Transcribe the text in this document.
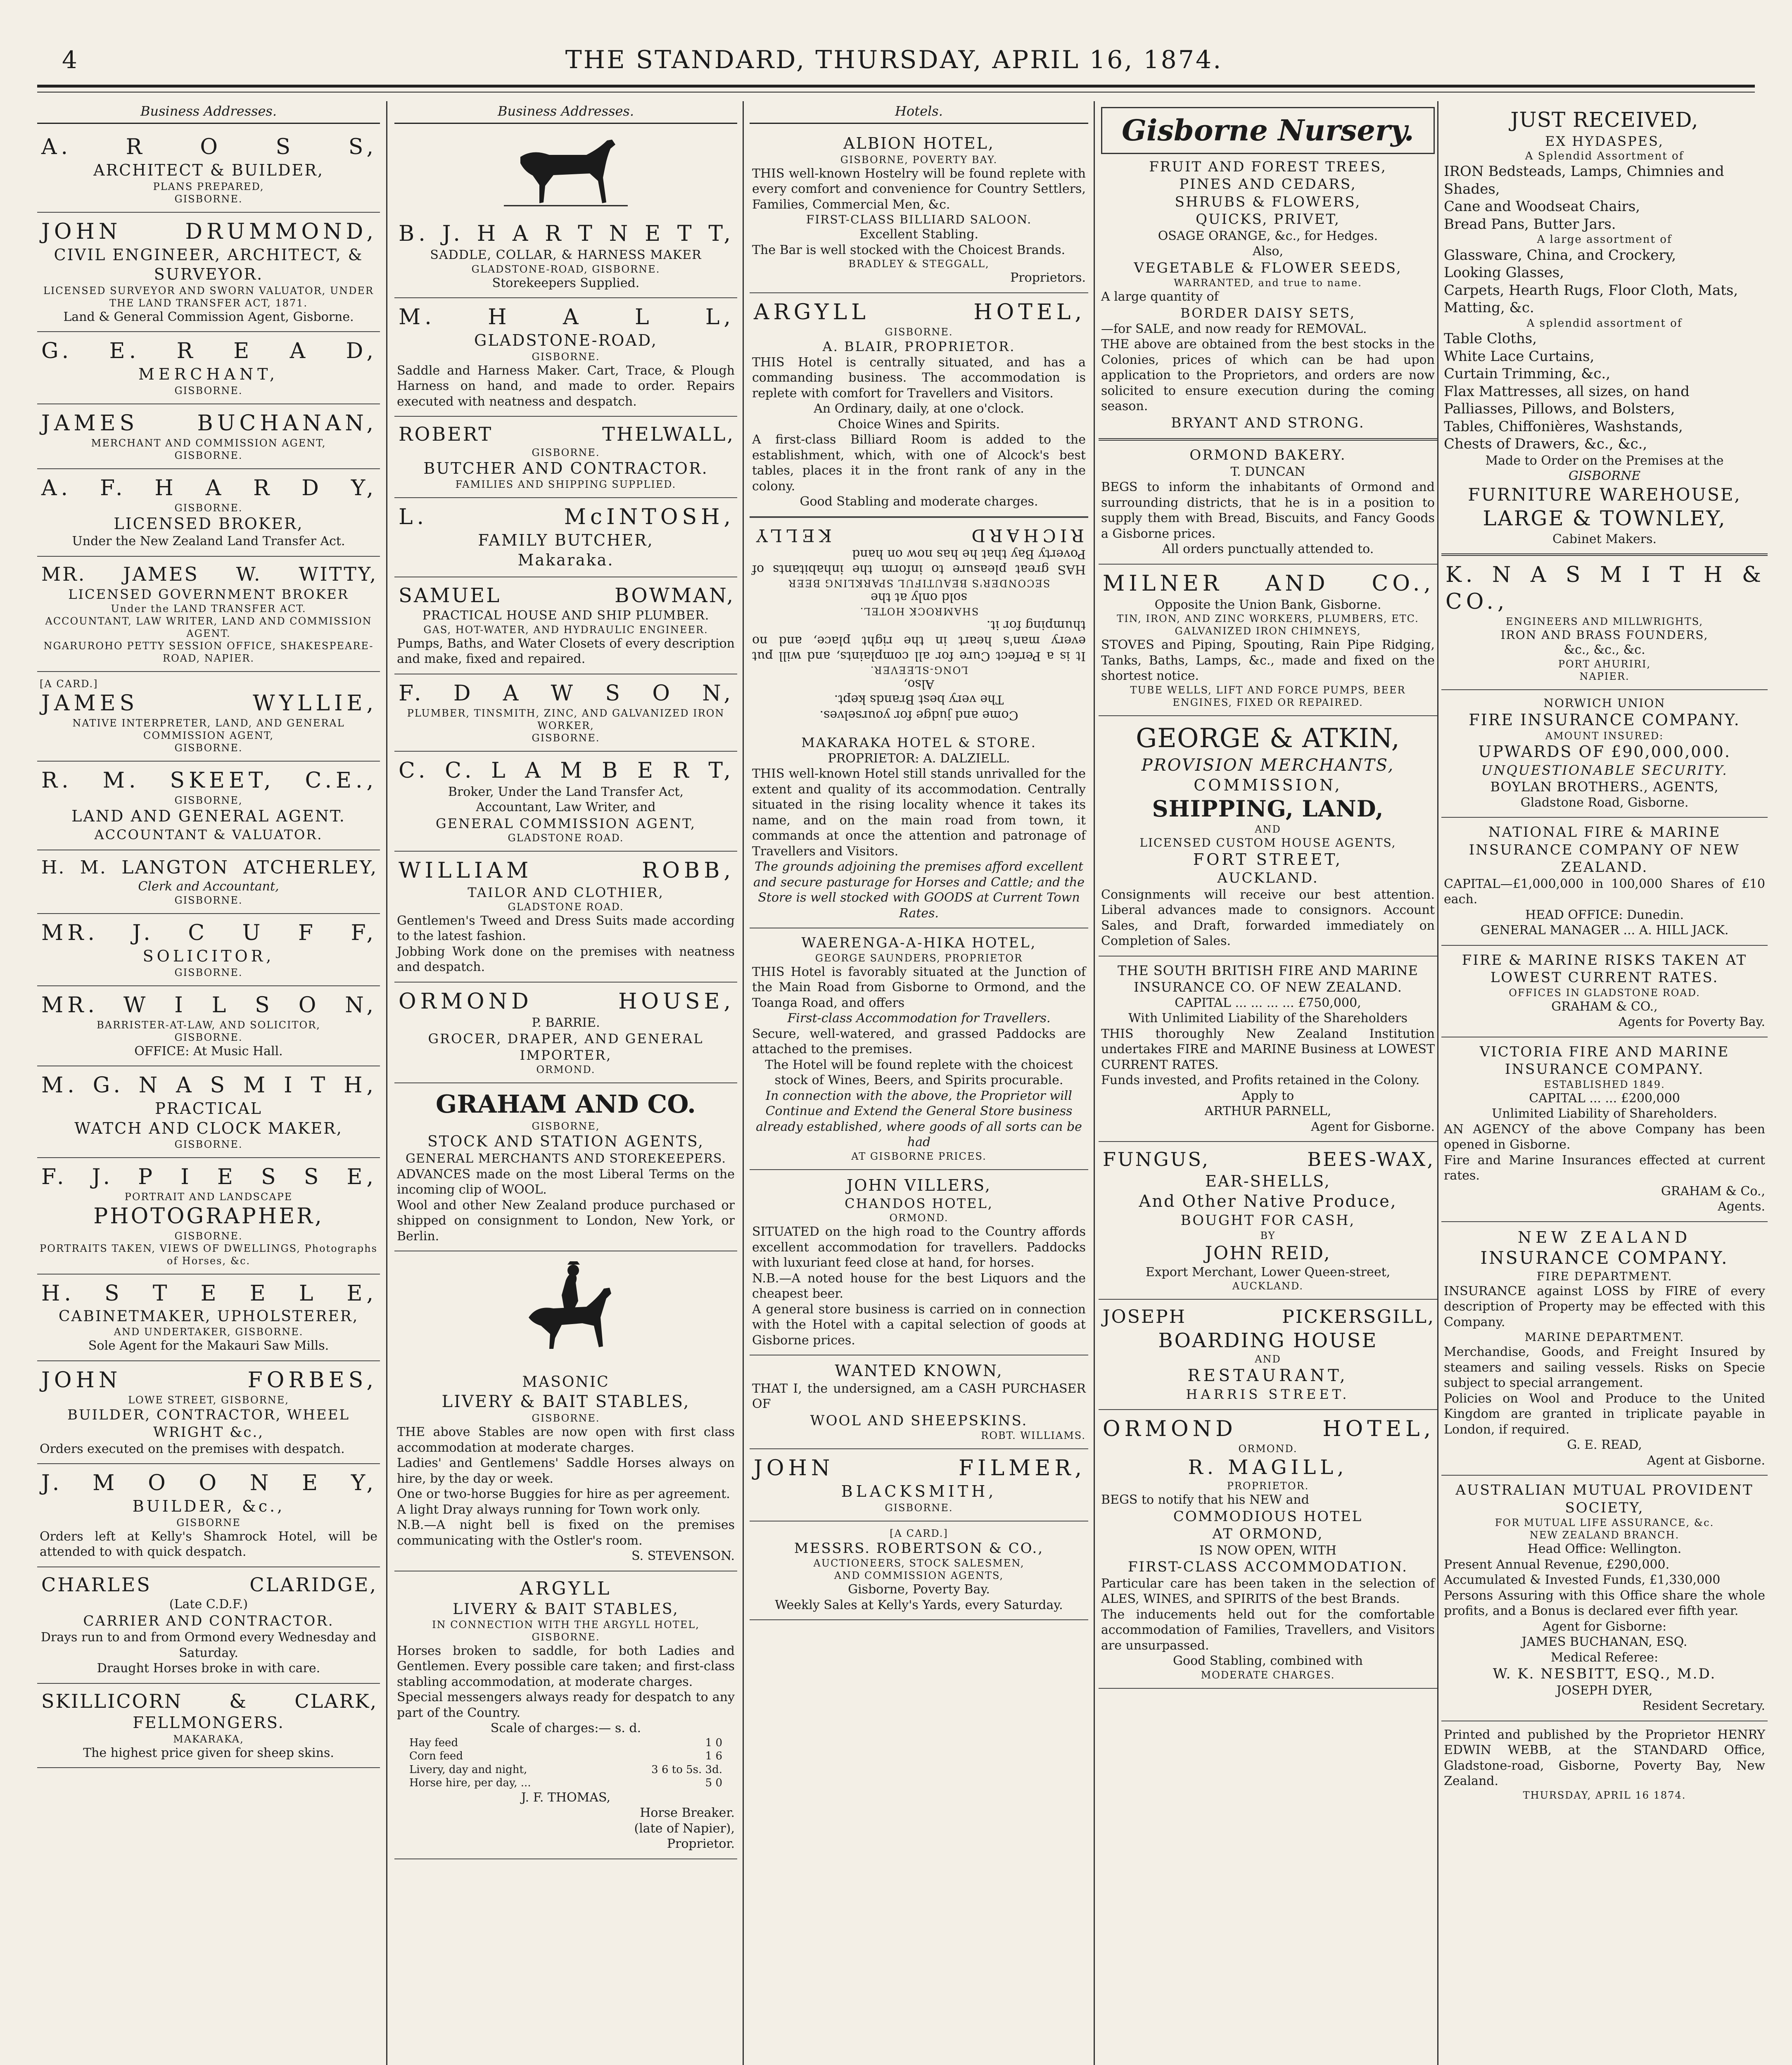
4	THE STANDARD, THURSDAY, APRIL 16, 1874.
Business Addresses.
A. R O S S,
ARCHITECT & BUILDER,
PLANS PREPARED,
GISBORNE.
JOHN DRUMMOND,
CIVIL ENGINEER, ARCHITECT, & SURVEYOR.
LICENSED SURVEYOR AND SWORN VALUATOR, UNDER THE LAND TRANSFER ACT, 1871.
Land & General Commission Agent, Gisborne.
G. E. R E A D,
MERCHANT,
GISBORNE.
JAMES BUCHANAN,
MERCHANT AND COMMISSION AGENT,
GISBORNE.
A. F. H A R D Y,
GISBORNE.
LICENSED BROKER,
Under the New Zealand Land Transfer Act.
MR. JAMES W. WITTY,
LICENSED GOVERNMENT BROKER
Under the LAND TRANSFER ACT.
ACCOUNTANT, LAW WRITER, LAND AND COMMISSION AGENT.
NGARUROHO PETTY SESSION OFFICE, SHAKESPEARE-ROAD, NAPIER.
[A CARD.]
JAMES WYLLIE,
NATIVE INTERPRETER, LAND, AND GENERAL COMMISSION AGENT,
GISBORNE.
R. M. SKEET, C.E.,
GISBORNE,
LAND AND GENERAL AGENT.
ACCOUNTANT & VALUATOR.
H. M. LANGTON ATCHERLEY,
Clerk and Accountant,
GISBORNE.
MR. J. C U F F,
SOLICITOR,
GISBORNE.
MR. W I L S O N,
BARRISTER-AT-LAW, AND SOLICITOR,
GISBORNE.
OFFICE: At Music Hall.
M. G. N A S M I T H,
PRACTICAL
WATCH AND CLOCK MAKER,
GISBORNE.
F. J. P I E S S E,
PORTRAIT AND LANDSCAPE
PHOTOGRAPHER,
GISBORNE.
PORTRAITS TAKEN, VIEWS OF DWELLINGS, Photographs of Horses, &c.
H. S T E E L E,
CABINETMAKER, UPHOLSTERER,
AND UNDERTAKER, GISBORNE.
Sole Agent for the Makauri Saw Mills.
JOHN FORBES,
LOWE STREET, GISBORNE,
BUILDER, CONTRACTOR, WHEEL WRIGHT &c.,
Orders executed on the premises with despatch.
J. M O O N E Y,
BUILDER, &c.,
GISBORNE
Orders left at Kelly's Shamrock Hotel, will be attended to with quick despatch.
CHARLES CLARIDGE,
(Late C.D.F.)
CARRIER AND CONTRACTOR.
Drays run to and from Ormond every Wednesday and Saturday.
Draught Horses broke in with care.
SKILLICORN & CLARK,
FELLMONGERS.
MAKARAKA,
The highest price given for sheep skins.
Business Addresses.
B. J. H A R T N E T T,
SADDLE, COLLAR, & HARNESS MAKER
GLADSTONE-ROAD, GISBORNE.
Storekeepers Supplied.
M. H A L L,
GLADSTONE-ROAD,
GISBORNE.
Saddle and Harness Maker. Cart, Trace, & Plough Harness on hand, and made to order. Repairs executed with neatness and despatch.
ROBERT THELWALL,
GISBORNE.
BUTCHER AND CONTRACTOR.
FAMILIES AND SHIPPING SUPPLIED.
L. McINTOSH,
FAMILY BUTCHER,
Makaraka.
SAMUEL BOWMAN,
PRACTICAL HOUSE AND SHIP PLUMBER.
GAS, HOT-WATER, AND HYDRAULIC ENGINEER.
Pumps, Baths, and Water Closets of every description and make, fixed and repaired.
F. D A W S O N,
PLUMBER, TINSMITH, ZINC, AND GALVANIZED IRON WORKER,
GISBORNE.
C. C. L A M B E R T,
Broker, Under the Land Transfer Act,
Accountant, Law Writer, and
GENERAL COMMISSION AGENT,
GLADSTONE ROAD.
WILLIAM ROBB,
TAILOR AND CLOTHIER,
GLADSTONE ROAD.
Gentlemen's Tweed and Dress Suits made according to the latest fashion.
Jobbing Work done on the premises with neatness and despatch.
ORMOND HOUSE,
P. BARRIE.
GROCER, DRAPER, AND GENERAL IMPORTER,
ORMOND.
GRAHAM AND CO.
GISBORNE,
STOCK AND STATION AGENTS,
GENERAL MERCHANTS AND STOREKEEPERS.
ADVANCES made on the most Liberal Terms on the incoming clip of WOOL.
Wool and other New Zealand produce purchased or shipped on consignment to London, New York, or Berlin.
MASONIC
LIVERY & BAIT STABLES,
GISBORNE.
THE above Stables are now open with first class accommodation at moderate charges.
Ladies' and Gentlemens' Saddle Horses always on hire, by the day or week.
One or two-horse Buggies for hire as per agreement.
A light Dray always running for Town work only.
N.B.—A night bell is fixed on the premises communicating with the Ostler's room.
S. STEVENSON.
ARGYLL
LIVERY & BAIT STABLES,
IN CONNECTION WITH THE ARGYLL HOTEL,
GISBORNE.
Horses broken to saddle, for both Ladies and Gentlemen. Every possible care taken; and first-class stabling accommodation, at moderate charges.
Special messengers always ready for despatch to any part of the Country.
Scale of charges:— s. d.
Hay feed	1 0
Corn feed	1 6
Livery, day and night,	3 6 to 5s. 3d.
Horse hire, per day, ...	5 0
J. F. THOMAS,
Horse Breaker.
(late of Napier),
Proprietor.
Hotels.
ALBION HOTEL,
GISBORNE, POVERTY BAY.
THIS well-known Hostelry will be found replete with every comfort and convenience for Country Settlers, Families, Commercial Men, &c.
FIRST-CLASS BILLIARD SALOON.
Excellent Stabling.
The Bar is well stocked with the Choicest Brands.
BRADLEY & STEGGALL,
Proprietors.
ARGYLL HOTEL,
GISBORNE.
A. BLAIR, PROPRIETOR.
THIS Hotel is centrally situated, and has a commanding business. The accommodation is replete with comfort for Travellers and Visitors.
An Ordinary, daily, at one o'clock.
Choice Wines and Spirits.
A first-class Billiard Room is added to the establishment, which, with one of Alcock's best tables, places it in the front rank of any in the colony.
Good Stabling and moderate charges.
Come and judge for yourselves.
The very best Brands kept.
Also,
LONG-SLEEVER.
It is a Perfect Cure for all complaints, and will put every man's heart in the right place, and no thumping for it.
SHAMROCK HOTEL.
sold only at the
SECONDER'S BEAUTIFUL SPARKLING BEER
HAS great pleasure to inform the inhabitants of Poverty Bay that he has now on hand
RICHARD KELLY
MAKARAKA HOTEL & STORE.
PROPRIETOR: A. DALZIELL.
THIS well-known Hotel still stands unrivalled for the extent and quality of its accommodation. Centrally situated in the rising locality whence it takes its name, and on the main road from town, it commands at once the attention and patronage of Travellers and Visitors.
The grounds adjoining the premises afford excellent and secure pasturage for Horses and Cattle; and the Store is well stocked with GOODS at Current Town Rates.
WAERENGA-A-HIKA HOTEL,
GEORGE SAUNDERS, PROPRIETOR
THIS Hotel is favorably situated at the Junction of the Main Road from Gisborne to Ormond, and the Toanga Road, and offers
First-class Accommodation for Travellers.
Secure, well-watered, and grassed Paddocks are attached to the premises.
The Hotel will be found replete with the choicest stock of Wines, Beers, and Spirits procurable.
In connection with the above, the Proprietor will Continue and Extend the General Store business already established, where goods of all sorts can be had
AT GISBORNE PRICES.
JOHN VILLERS,
CHANDOS HOTEL,
ORMOND.
SITUATED on the high road to the Country affords excellent accommodation for travellers. Paddocks with luxuriant feed close at hand, for horses.
N.B.—A noted house for the best Liquors and the cheapest beer.
A general store business is carried on in connection with the Hotel with a capital selection of goods at Gisborne prices.
WANTED KNOWN,
THAT I, the undersigned, am a CASH PURCHASER OF
WOOL AND SHEEPSKINS.
ROBT. WILLIAMS.
JOHN FILMER,
BLACKSMITH,
GISBORNE.
[A CARD.]
MESSRS. ROBERTSON & CO.,
AUCTIONEERS, STOCK SALESMEN,
AND COMMISSION AGENTS,
Gisborne, Poverty Bay.
Weekly Sales at Kelly's Yards, every Saturday.
Gisborne Nursery.
FRUIT AND FOREST TREES,
PINES AND CEDARS,
SHRUBS & FLOWERS,
QUICKS, PRIVET,
OSAGE ORANGE, &c., for Hedges.
Also,
VEGETABLE & FLOWER SEEDS,
WARRANTED, and true to name.
A large quantity of
BORDER DAISY SETS,
—for SALE, and now ready for REMOVAL.
THE above are obtained from the best stocks in the Colonies, prices of which can be had upon application to the Proprietors, and orders are now solicited to ensure execution during the coming season.
BRYANT AND STRONG.
ORMOND BAKERY.
T. DUNCAN
BEGS to inform the inhabitants of Ormond and surrounding districts, that he is in a position to supply them with Bread, Biscuits, and Fancy Goods a Gisborne prices.
All orders punctually attended to.
MILNER AND CO.,
Opposite the Union Bank, Gisborne.
TIN, IRON, AND ZINC WORKERS, PLUMBERS, ETC.
GALVANIZED IRON CHIMNEYS,
STOVES and Piping, Spouting, Rain Pipe Ridging, Tanks, Baths, Lamps, &c., made and fixed on the shortest notice.
TUBE WELLS, LIFT AND FORCE PUMPS, BEER ENGINES, FIXED OR REPAIRED.
GEORGE & ATKIN,
PROVISION MERCHANTS,
COMMISSION,
SHIPPING, LAND,
AND
LICENSED CUSTOM HOUSE AGENTS,
FORT STREET,
AUCKLAND.
Consignments will receive our best attention. Liberal advances made to consignors. Account Sales, and Draft, forwarded immediately on Completion of Sales.
THE SOUTH BRITISH FIRE AND MARINE INSURANCE CO. OF NEW ZEALAND.
CAPITAL ... ... ... ... £750,000,
With Unlimited Liability of the Shareholders
THIS thoroughly New Zealand Institution undertakes FIRE and MARINE Business at LOWEST CURRENT RATES.
Funds invested, and Profits retained in the Colony.
Apply to
ARTHUR PARNELL,
Agent for Gisborne.
FUNGUS, BEES-WAX,
EAR-SHELLS,
And Other Native Produce,
BOUGHT FOR CASH,
BY
JOHN REID,
Export Merchant, Lower Queen-street,
AUCKLAND.
JOSEPH PICKERSGILL,
BOARDING HOUSE
AND
RESTAURANT,
HARRIS STREET.
ORMOND HOTEL,
ORMOND.
R. MAGILL,
PROPRIETOR.
BEGS to notify that his NEW and
COMMODIOUS HOTEL
AT ORMOND,
IS NOW OPEN, WITH
FIRST-CLASS ACCOMMODATION.
Particular care has been taken in the selection of ALES, WINES, and SPIRITS of the best Brands.
The inducements held out for the comfortable accommodation of Families, Travellers, and Visitors are unsurpassed.
Good Stabling, combined with
MODERATE CHARGES.
JUST RECEIVED,
EX HYDASPES,
A Splendid Assortment of
IRON Bedsteads, Lamps, Chimnies and Shades,
Cane and Woodseat Chairs,
Bread Pans, Butter Jars.
A large assortment of
Glassware, China, and Crockery,
Looking Glasses,
Carpets, Hearth Rugs, Floor Cloth, Mats, Matting, &c.
A splendid assortment of
Table Cloths,
White Lace Curtains,
Curtain Trimming, &c.,
Flax Mattresses, all sizes, on hand
Palliasses, Pillows, and Bolsters,
Tables, Chiffonières, Washstands,
Chests of Drawers, &c., &c.,
Made to Order on the Premises at the
GISBORNE
FURNITURE WAREHOUSE,
LARGE & TOWNLEY,
Cabinet Makers.
K. N A S M I T H & CO.,
ENGINEERS AND MILLWRIGHTS,
IRON AND BRASS FOUNDERS,
&c., &c., &c.
PORT AHURIRI,
NAPIER.
NORWICH UNION
FIRE INSURANCE COMPANY.
AMOUNT INSURED:
UPWARDS OF £90,000,000.
UNQUESTIONABLE SECURITY.
BOYLAN BROTHERS., AGENTS,
Gladstone Road, Gisborne.
NATIONAL FIRE & MARINE INSURANCE COMPANY OF NEW ZEALAND.
CAPITAL—£1,000,000 in 100,000 Shares of £10 each.
HEAD OFFICE: Dunedin.
GENERAL MANAGER ... A. HILL JACK.
FIRE & MARINE RISKS TAKEN AT LOWEST CURRENT RATES.
OFFICES IN GLADSTONE ROAD.
GRAHAM & CO.,
Agents for Poverty Bay.
VICTORIA FIRE AND MARINE INSURANCE COMPANY.
ESTABLISHED 1849.
CAPITAL ... ... £200,000
Unlimited Liability of Shareholders.
AN AGENCY of the above Company has been opened in Gisborne.
Fire and Marine Insurances effected at current rates.
GRAHAM & Co.,
Agents.
NEW ZEALAND
INSURANCE COMPANY.
FIRE DEPARTMENT.
INSURANCE against LOSS by FIRE of every description of Property may be effected with this Company.
MARINE DEPARTMENT.
Merchandise, Goods, and Freight Insured by steamers and sailing vessels. Risks on Specie subject to special arrangement.
Policies on Wool and Produce to the United Kingdom are granted in triplicate payable in London, if required.
G. E. READ,
Agent at Gisborne.
AUSTRALIAN MUTUAL PROVIDENT SOCIETY,
FOR MUTUAL LIFE ASSURANCE, &c.
NEW ZEALAND BRANCH.
Head Office: Wellington.
Present Annual Revenue, £290,000.
Accumulated & Invested Funds, £1,330,000
Persons Assuring with this Office share the whole profits, and a Bonus is declared ever fifth year.
Agent for Gisborne:
JAMES BUCHANAN, ESQ.
Medical Referee:
W. K. NESBITT, ESQ., M.D.
JOSEPH DYER,
Resident Secretary.
Printed and published by the Proprietor HENRY EDWIN WEBB, at the STANDARD Office, Gladstone-road, Gisborne, Poverty Bay, New Zealand.
THURSDAY, APRIL 16 1874.
